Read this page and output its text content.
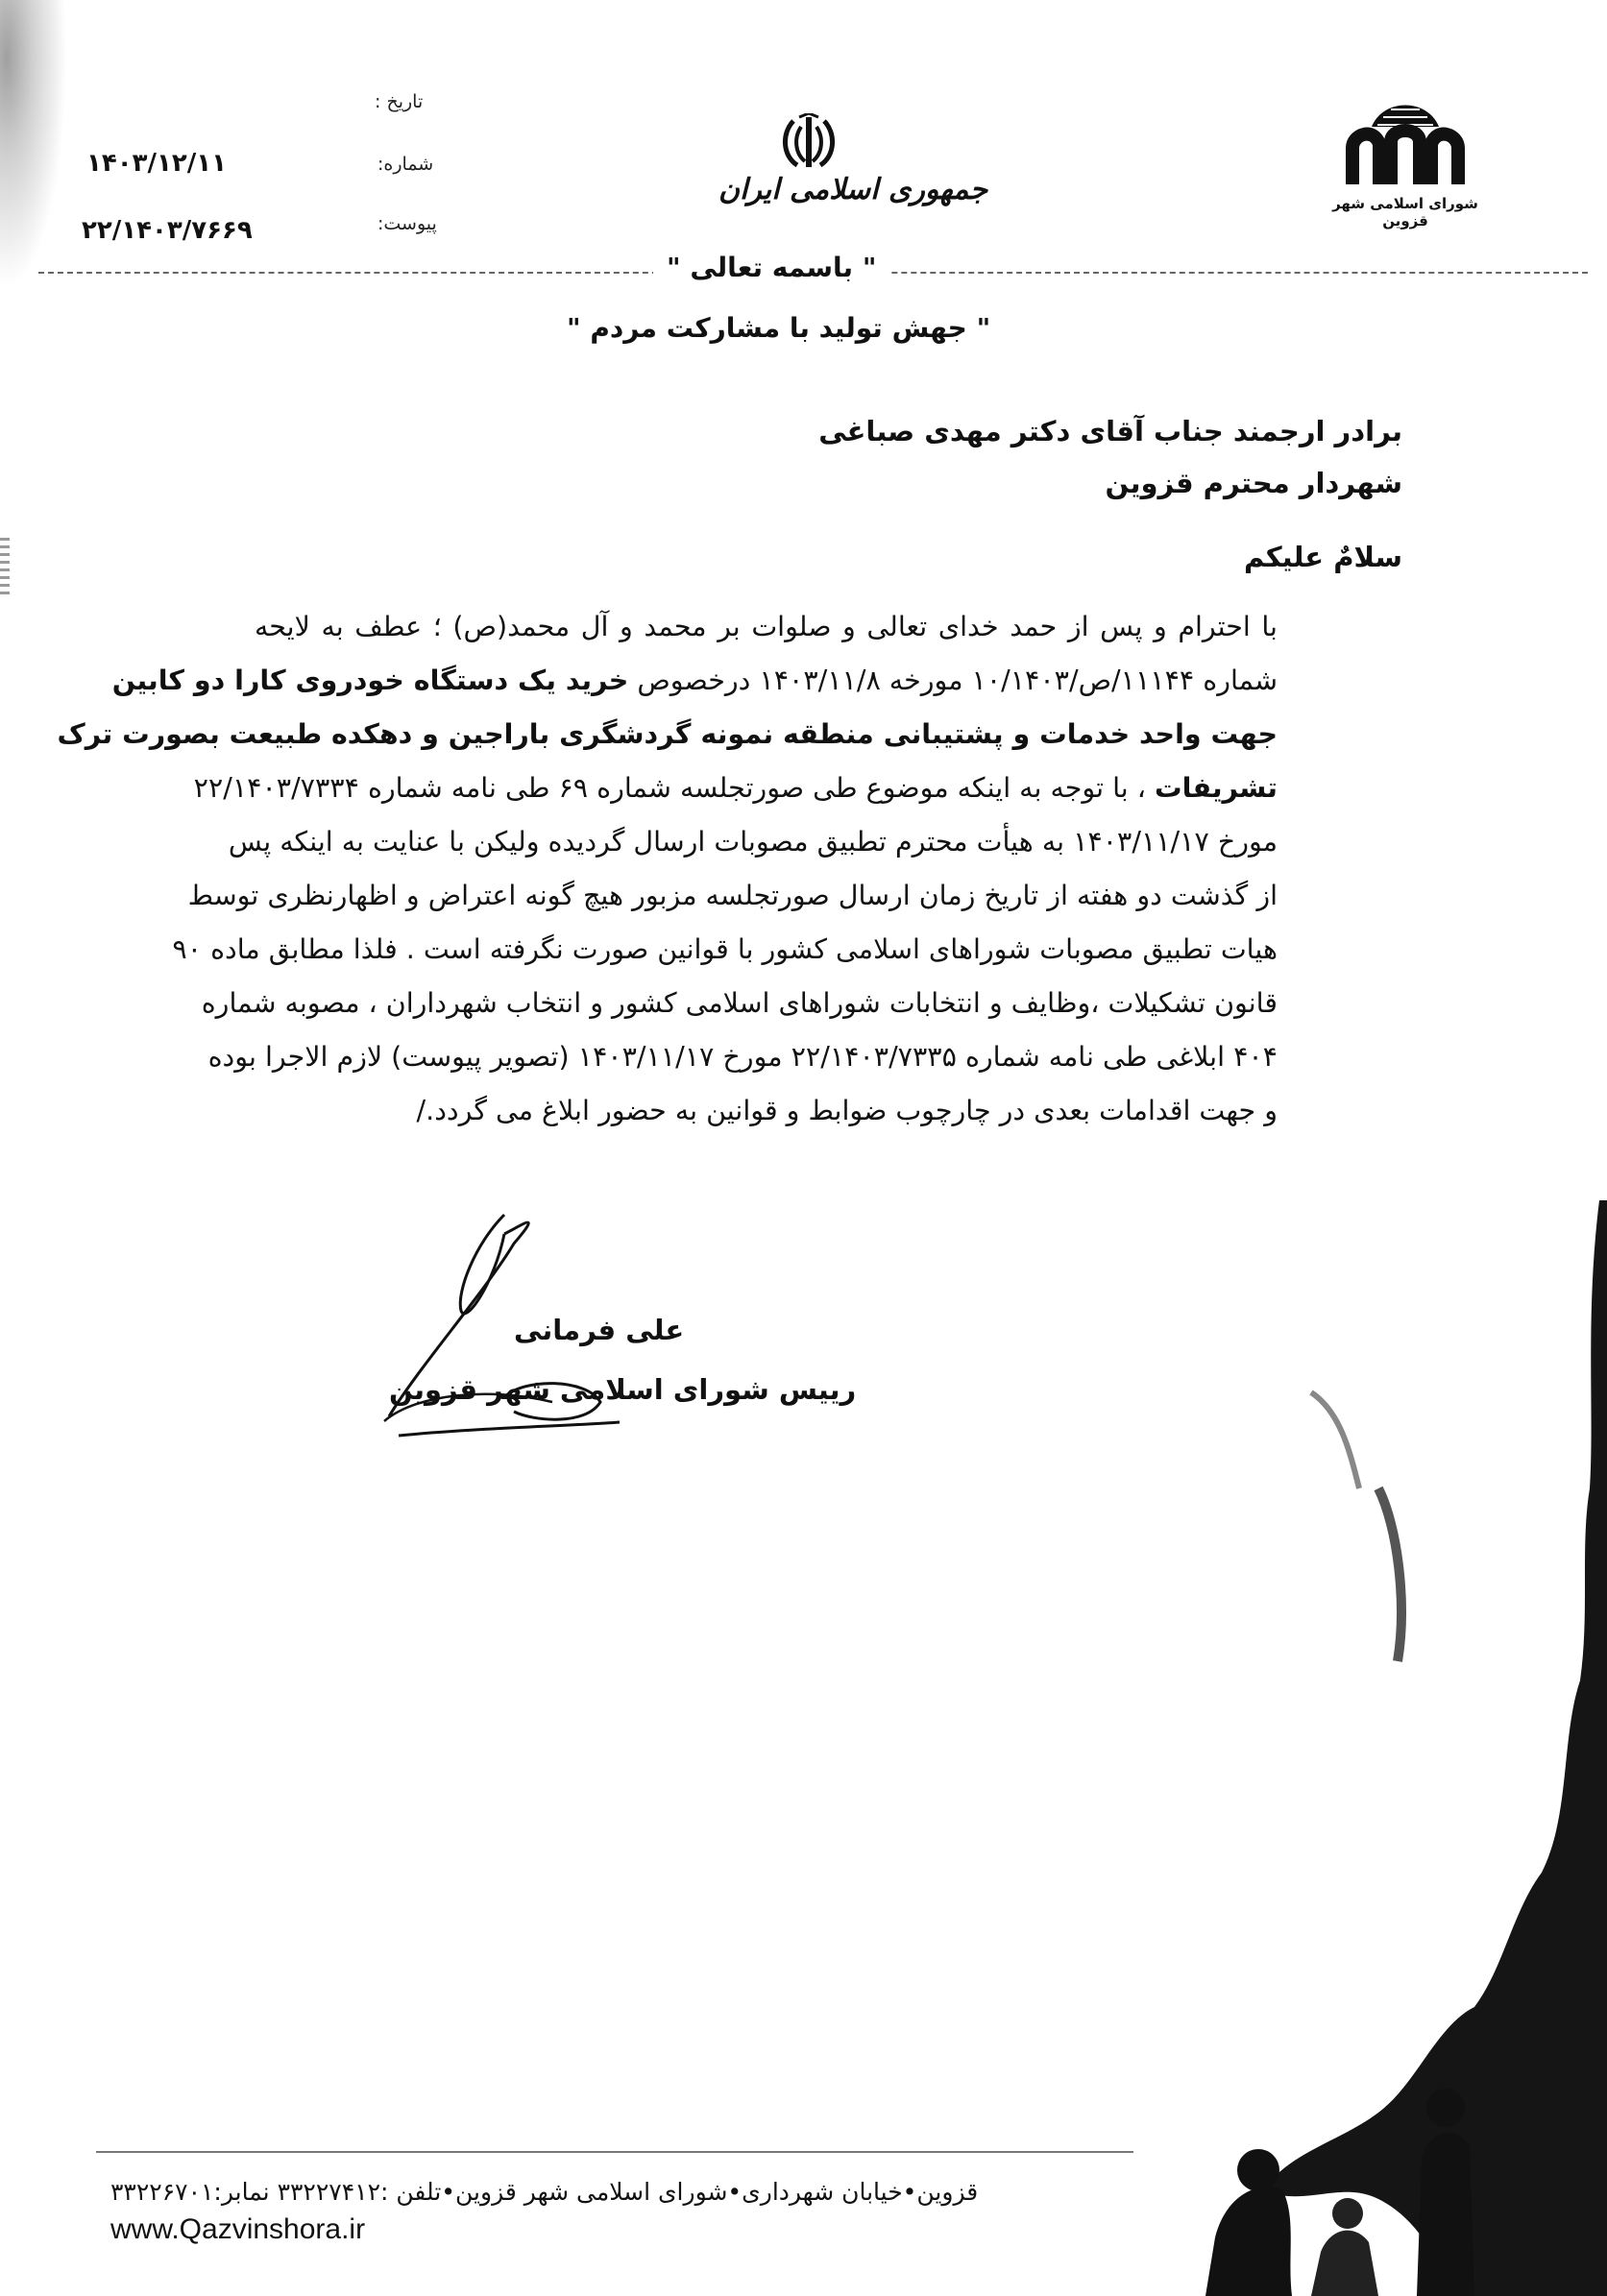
تاریخ :
شماره:
پیوست:
۱۴۰۳/۱۲/۱۱
۲۲/۱۴۰۳/۷۶۶۹
جمهوری اسلامی ایران	شورای اسلامی شهر قزوین
" باسمه تعالی "
" جهش تولید با مشارکت مردم "
برادر ارجمند جناب آقای دکتر مهدی صباغی
شهردار محترم قزوین
سلامٌ علیکم
با احترام و پس از حمد خدای تعالی و صلوات بر محمد و آل محمد(ص) ؛ عطف به لایحه
شماره ۱۱۱۴۴/ص/۱۰/۱۴۰۳ مورخه ۱۴۰۳/۱۱/۸ درخصوص خرید یک دستگاه خودروی کارا دو کابین
جهت واحد خدمات و پشتیبانی منطقه نمونه گردشگری باراجین و دهکده طبیعت بصورت ترک
تشریفات ، با توجه به اینکه موضوع طی صورتجلسه شماره ۶۹ طی نامه شماره ۲۲/۱۴۰۳/۷۳۳۴
مورخ ۱۴۰۳/۱۱/۱۷ به هیأت محترم تطبیق مصوبات ارسال گردیده ولیکن با عنایت به اینکه پس
از گذشت دو هفته از تاریخ زمان ارسال صورتجلسه مزبور هیچ گونه اعتراض و اظهارنظری توسط
هیات تطبیق مصوبات شوراهای اسلامی کشور با قوانین صورت نگرفته است . فلذا مطابق ماده ۹۰
قانون تشکیلات ،وظایف و انتخابات شوراهای اسلامی کشور و انتخاب شهرداران ، مصوبه شماره
۴۰۴ ابلاغی طی نامه شماره ۲۲/۱۴۰۳/۷۳۳۵ مورخ ۱۴۰۳/۱۱/۱۷ (تصویر پیوست) لازم الاجرا بوده
و جهت اقدامات بعدی در چارچوب ضوابط و قوانین به حضور ابلاغ می گردد./
علی فرمانی
رییس شورای اسلامی شهر قزوین
قزوین•خیابان شهرداری•شورای اسلامی شهر قزوین•تلفن :۳۳۲۲۷۴۱۲ نمابر:۳۳۲۲۶۷۰۱
www.Qazvinshora.ir
